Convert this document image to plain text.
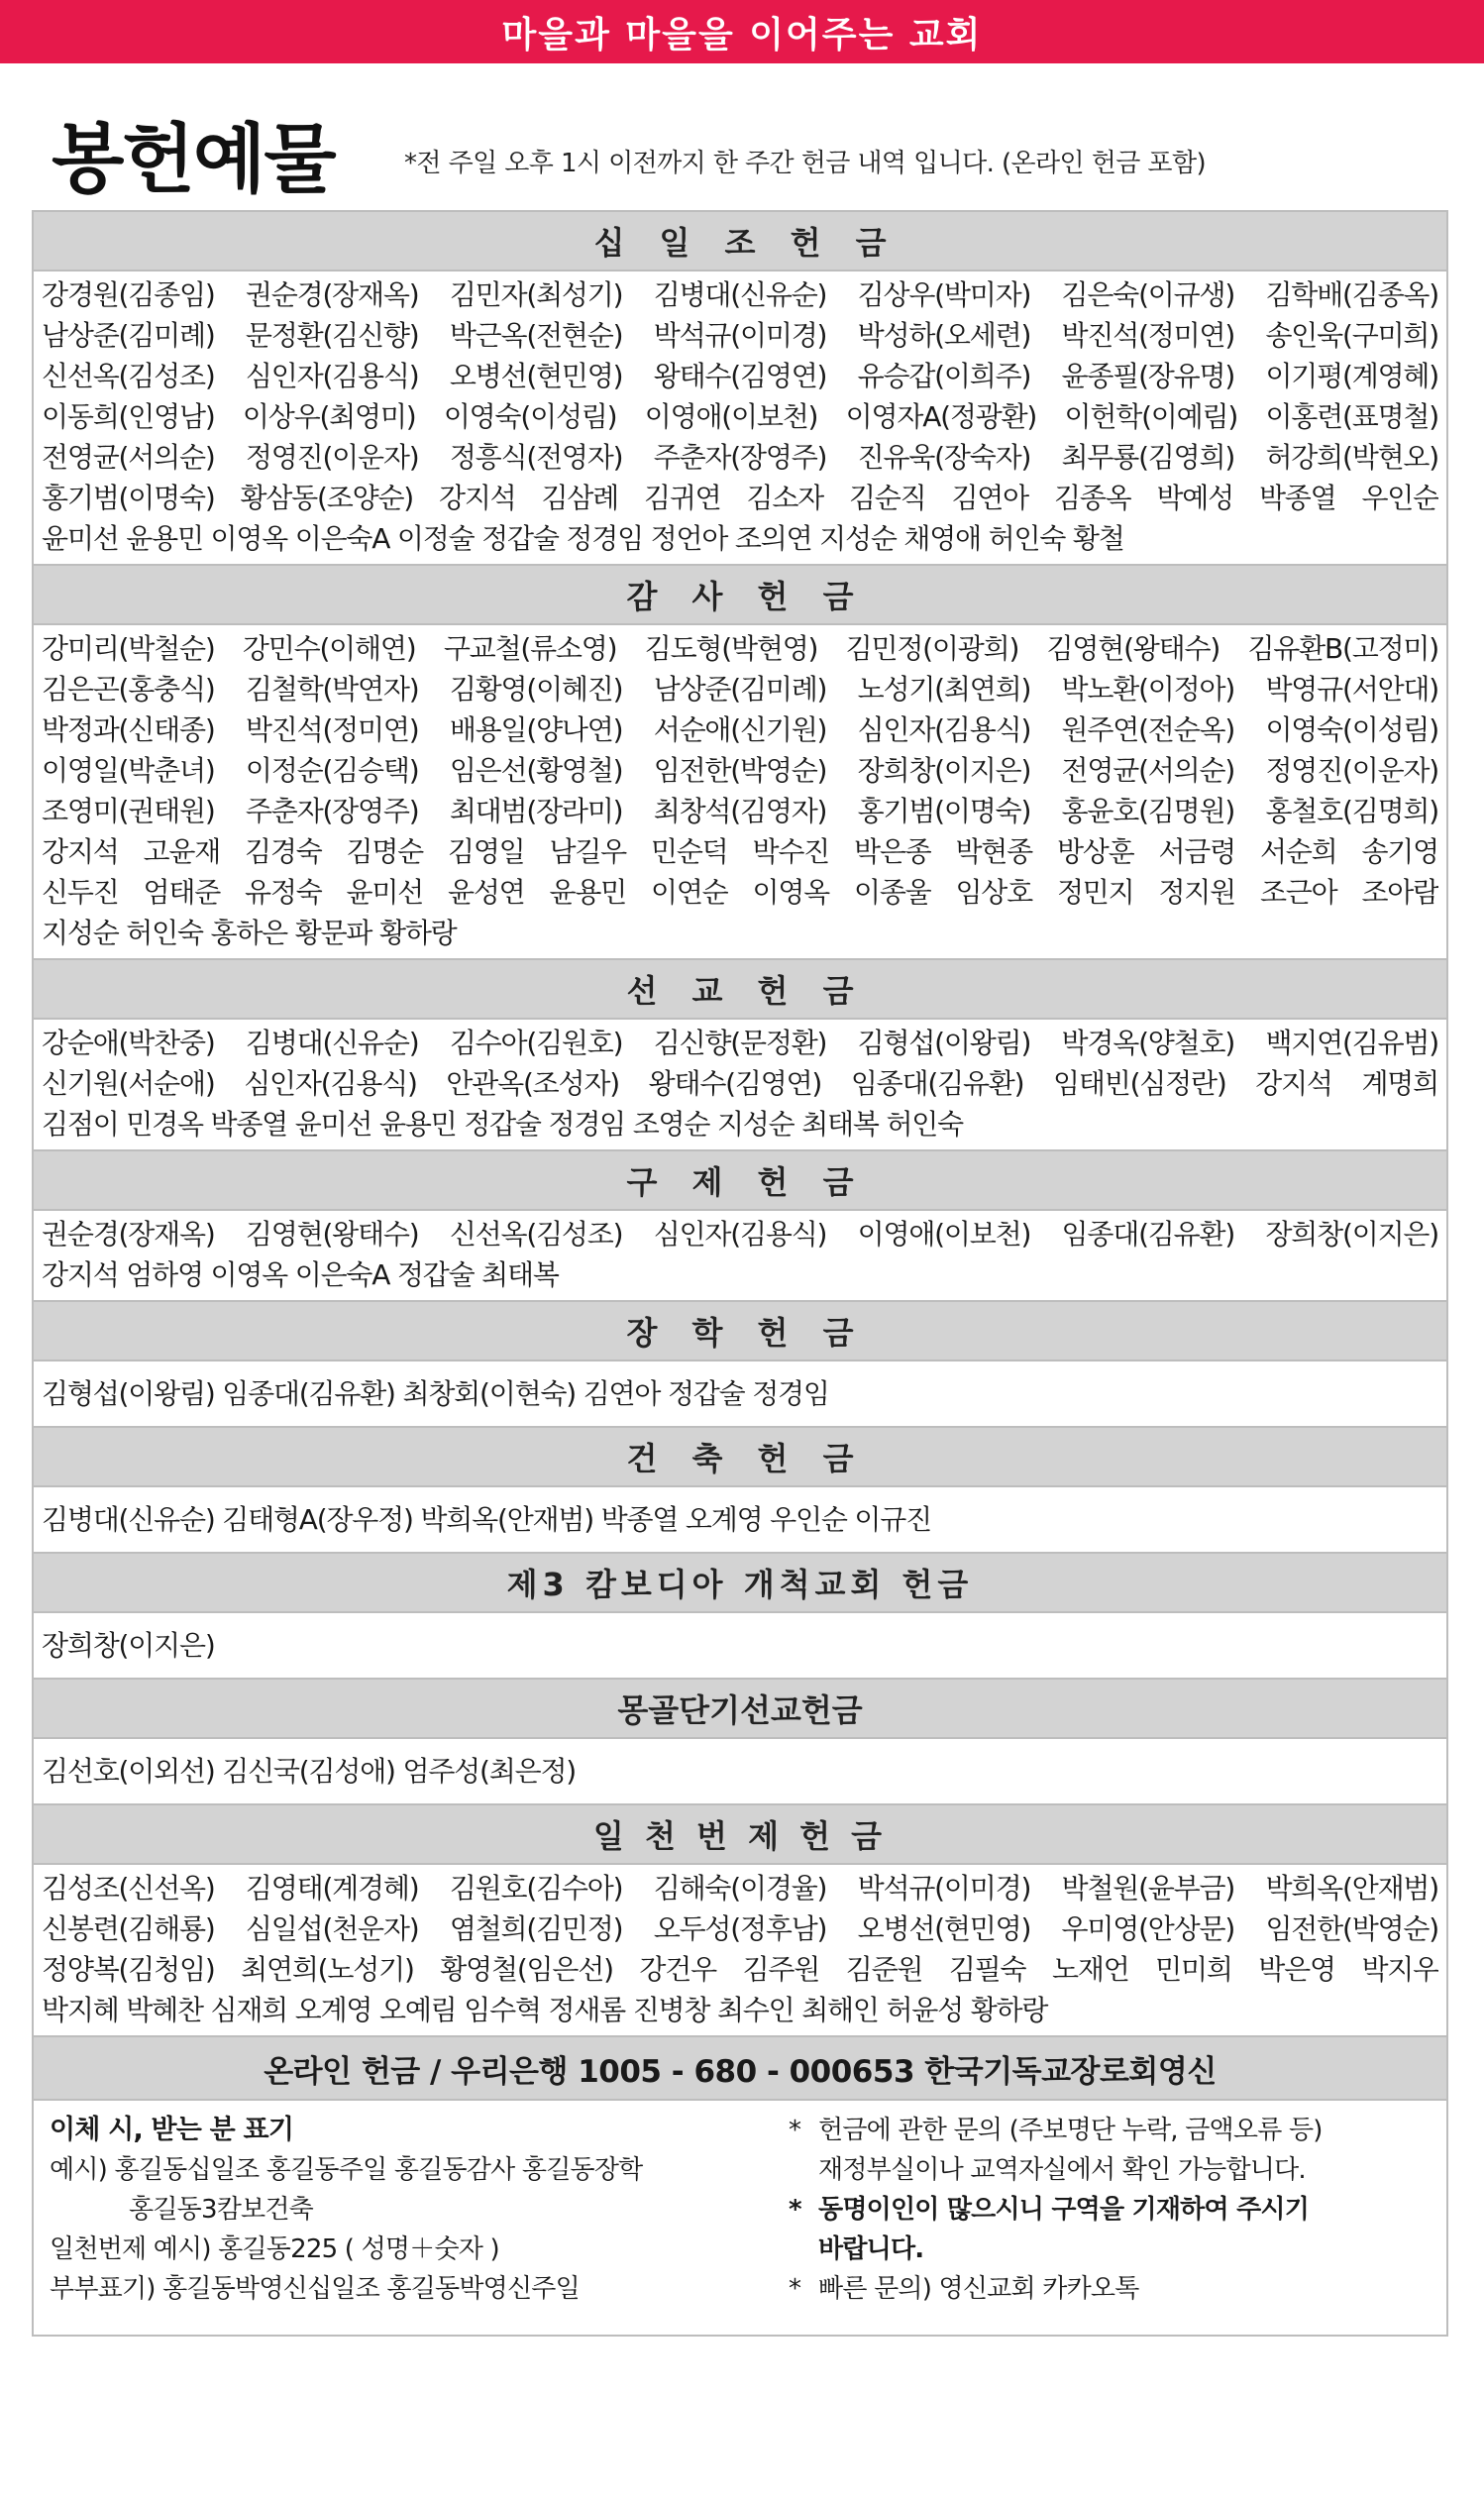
마을과 마을을 이어주는 교회
봉헌예물	*전 주일 오후 1시 이전까지 한 주간 헌금 내역 입니다. (온라인 헌금 포함)
십 일 조 헌 금
강경원(김종임) 권순경(장재옥) 김민자(최성기) 김병대(신유순) 김상우(박미자) 김은숙(이규생) 김학배(김종옥)
남상준(김미례) 문정환(김신향) 박근옥(전현순) 박석규(이미경) 박성하(오세련) 박진석(정미연) 송인욱(구미희)
신선옥(김성조) 심인자(김용식) 오병선(현민영) 왕태수(김영연) 유승갑(이희주) 윤종필(장유명) 이기평(계영혜)
이동희(인영남) 이상우(최영미) 이영숙(이성림) 이영애(이보천) 이영자A(정광환) 이헌학(이예림) 이홍련(표명철)
전영균(서의순) 정영진(이운자) 정흥식(전영자) 주춘자(장영주) 진유욱(장숙자) 최무룡(김영희) 허강희(박현오)
홍기범(이명숙) 황삼동(조양순) 강지석 김삼례 김귀연 김소자 김순직 김연아 김종옥 박예성 박종열 우인순
윤미선 윤용민 이영옥 이은숙A 이정술 정갑술 정경임 정언아 조의연 지성순 채영애 허인숙 황철
감 사 헌 금
강미리(박철순) 강민수(이해연) 구교철(류소영) 김도형(박현영) 김민정(이광희) 김영현(왕태수) 김유환B(고정미)
김은곤(홍충식) 김철학(박연자) 김황영(이혜진) 남상준(김미례) 노성기(최연희) 박노환(이정아) 박영규(서안대)
박정과(신태종) 박진석(정미연) 배용일(양나연) 서순애(신기원) 심인자(김용식) 원주연(전순옥) 이영숙(이성림)
이영일(박춘녀) 이정순(김승택) 임은선(황영철) 임전한(박영순) 장희창(이지은) 전영균(서의순) 정영진(이운자)
조영미(권태원) 주춘자(장영주) 최대범(장라미) 최창석(김영자) 홍기범(이명숙) 홍윤호(김명원) 홍철호(김명희)
강지석 고윤재 김경숙 김명순 김영일 남길우 민순덕 박수진 박은종 박현종 방상훈 서금령 서순희 송기영
신두진 엄태준 유정숙 윤미선 윤성연 윤용민 이연순 이영옥 이종울 임상호 정민지 정지원 조근아 조아람
지성순 허인숙 홍하은 황문파 황하랑
선 교 헌 금
강순애(박찬중) 김병대(신유순) 김수아(김원호) 김신향(문정환) 김형섭(이왕림) 박경옥(양철호) 백지연(김유범)
신기원(서순애) 심인자(김용식) 안관옥(조성자) 왕태수(김영연) 임종대(김유환) 임태빈(심정란) 강지석 계명희
김점이 민경옥 박종열 윤미선 윤용민 정갑술 정경임 조영순 지성순 최태복 허인숙
구 제 헌 금
권순경(장재옥) 김영현(왕태수) 신선옥(김성조) 심인자(김용식) 이영애(이보천) 임종대(김유환) 장희창(이지은)
강지석 엄하영 이영옥 이은숙A 정갑술 최태복
장 학 헌 금
김형섭(이왕림) 임종대(김유환) 최창회(이현숙) 김연아 정갑술 정경임
건 축 헌 금
김병대(신유순) 김태형A(장우정) 박희옥(안재범) 박종열 오계영 우인순 이규진
제3 캄보디아 개척교회 헌금
장희창(이지은)
몽골단기선교헌금
김선호(이외선) 김신국(김성애) 엄주성(최은정)
일 천 번 제 헌 금
김성조(신선옥) 김영태(계경혜) 김원호(김수아) 김해숙(이경율) 박석규(이미경) 박철원(윤부금) 박희옥(안재범)
신봉련(김해룡) 심일섭(천운자) 염철희(김민정) 오두성(정후남) 오병선(현민영) 우미영(안상문) 임전한(박영순)
정양복(김청임) 최연희(노성기) 황영철(임은선) 강건우 김주원 김준원 김필숙 노재언 민미희 박은영 박지우
박지혜 박혜찬 심재희 오계영 오예림 임수혁 정새롬 진병창 최수인 최해인 허윤성 황하랑
온라인 헌금 / 우리은행 1005 - 680 - 000653 한국기독교장로회영신
이체 시, 받는 분 표기
예시) 홍길동십일조 홍길동주일 홍길동감사 홍길동장학
홍길동3캄보건축
일천번제 예시) 홍길동225 ( 성명＋숫자 )
부부표기) 홍길동박영신십일조 홍길동박영신주일
* 헌금에 관한 문의 (주보명단 누락, 금액오류 등)
재정부실이나 교역자실에서 확인 가능합니다.
* 동명이인이 많으시니 구역을 기재하여 주시기
바랍니다.
* 빠른 문의) 영신교회 카카오톡
